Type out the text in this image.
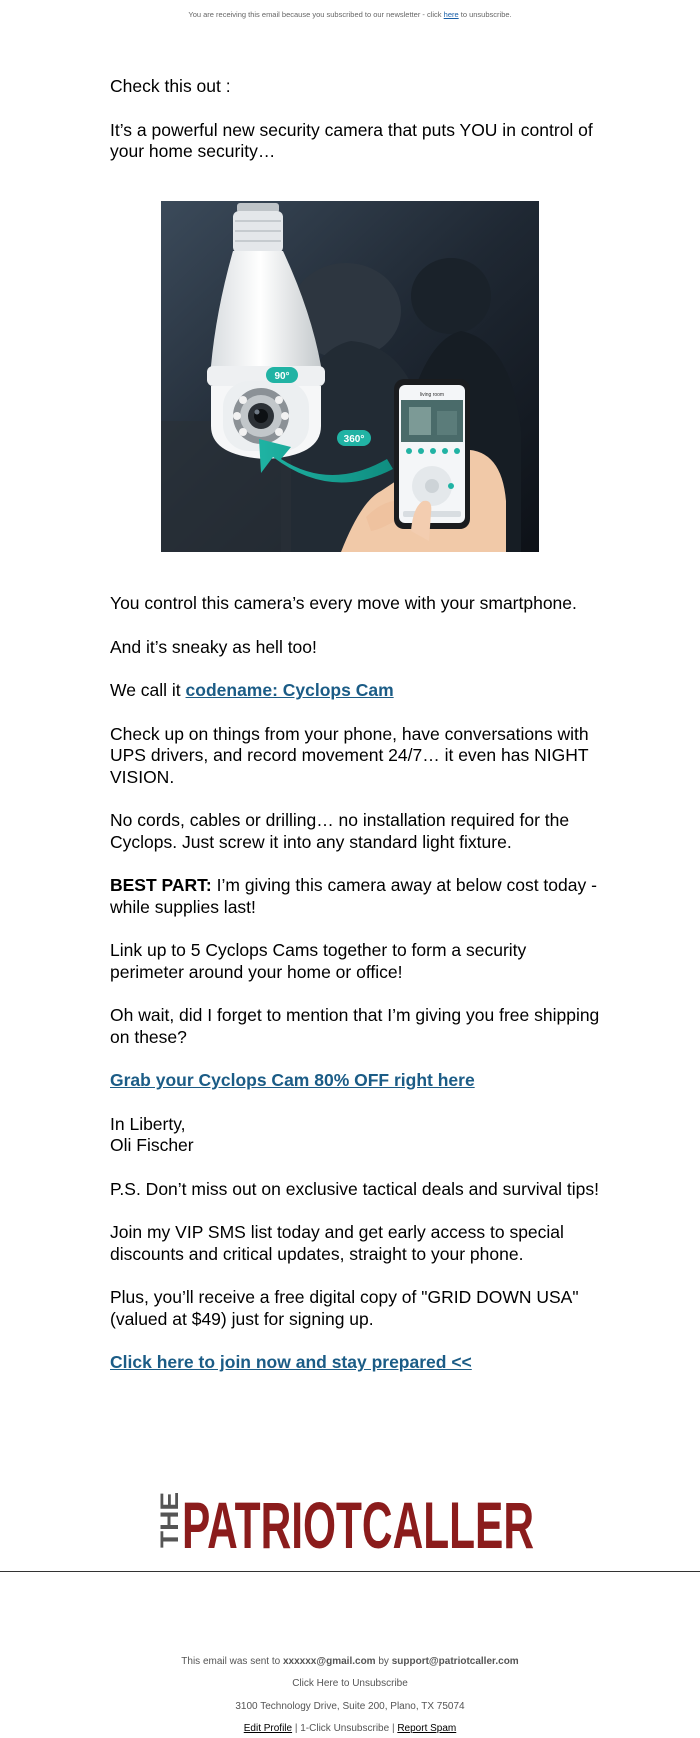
You are receiving this email because you subscribed to our newsletter - click here to unsubscribe.

Check this out :

It’s a powerful new security camera that puts YOU in control of your home security…

90°
360°
living room

You control this camera’s every move with your smartphone.

And it’s sneaky as hell too!

We call it codename: Cyclops Cam

Check up on things from your phone, have conversations with UPS drivers, and record movement 24/7… it even has NIGHT VISION.

No cords, cables or drilling… no installation required for the Cyclops. Just screw it into any standard light fixture.

BEST PART: I’m giving this camera away at below cost today - while supplies last!

Link up to 5 Cyclops Cams together to form a security perimeter around your home or office!

Oh wait, did I forget to mention that I’m giving you free shipping on these?

Grab your Cyclops Cam 80% OFF right here

In Liberty,

Oli Fischer

P.S. Don’t miss out on exclusive tactical deals and survival tips!

Join my VIP SMS list today and get early access to special discounts and critical updates, straight to your phone.

Plus, you’ll receive a free digital copy of "GRID DOWN USA" (valued at $49) just for signing up.

Click here to join now and stay prepared <<

THE
PATRIOTCALLER
This email was sent to xxxxxx@gmail.com by support@patriotcaller.com
Click Here to Unsubscribe
3100 Technology Drive, Suite 200, Plano, TX 75074
Edit Profile | 1-Click Unsubscribe | Report Spam
